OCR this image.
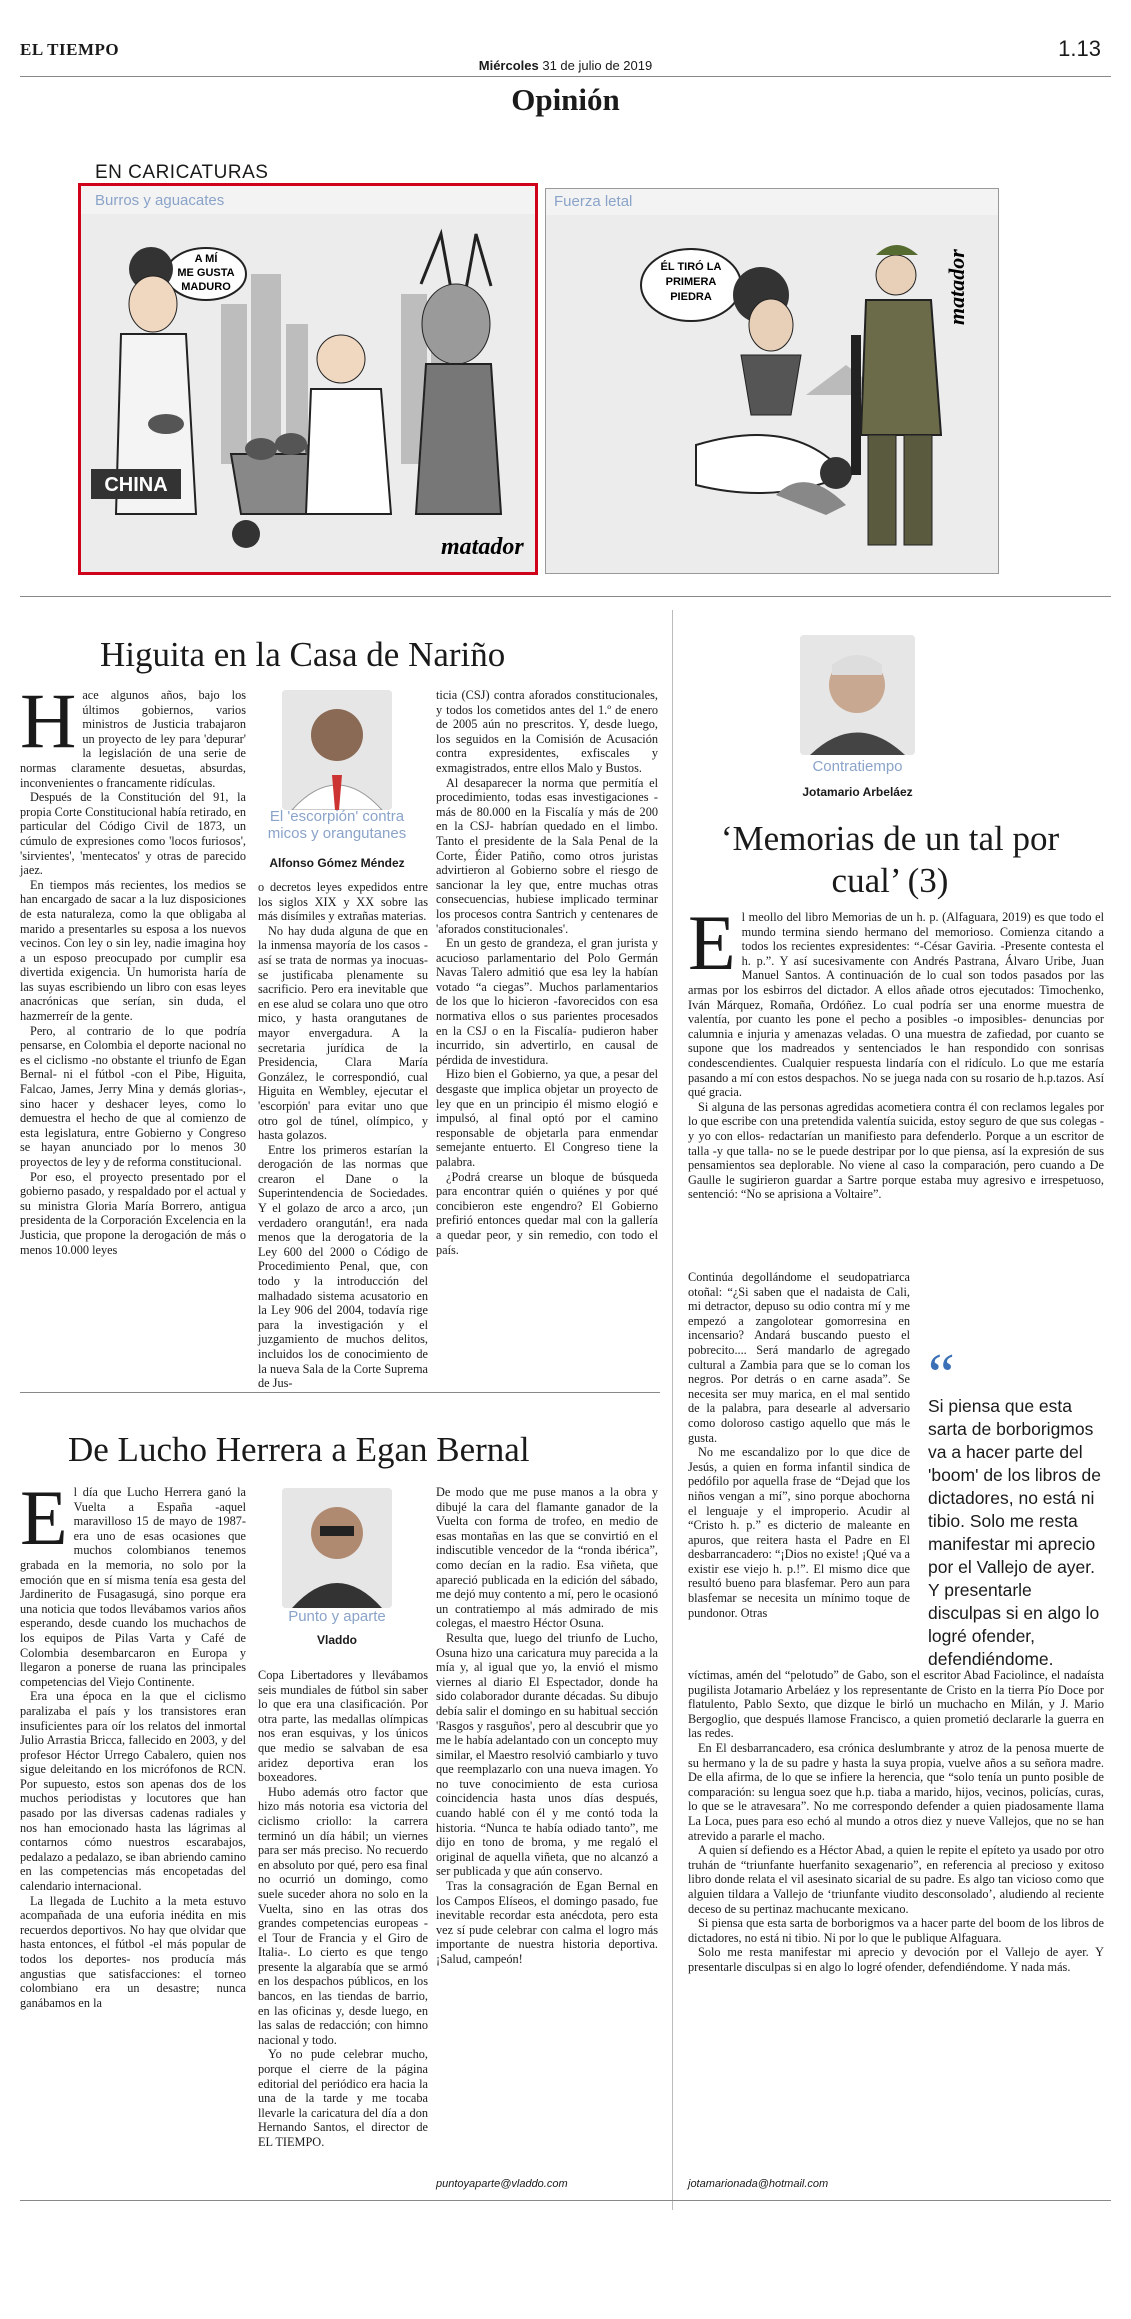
EL TIEMPO	1.13
Miércoles 31 de julio de 2019
Opinión
EN CARICATURAS
Burros y aguacates
A MÍ
ME GUSTA
MADURO
CHINA
matador
Fuerza letal
ÉL TIRÓ LA
PRIMERA
PIEDRA	matador
Higuita en la Casa de Nariño
H ace algunos años, bajo los últimos gobiernos, varios ministros de Justicia trabajaron un proyecto de ley para 'depurar' la legislación de una serie de normas claramente desuetas, absurdas, inconvenientes o francamente ridículas.

Después de la Constitución del 91, la propia Corte Constitucional había retirado, en particular del Código Civil de 1873, un cúmulo de expresiones como 'locos furiosos', 'sirvientes', 'mentecatos' y otras de parecido jaez.

En tiempos más recientes, los medios se han encargado de sacar a la luz disposiciones de esta naturaleza, como la que obligaba al marido a presentarles su esposa a los nuevos vecinos. Con ley o sin ley, nadie imagina hoy a un esposo preocupado por cumplir esa divertida exigencia. Un humorista haría de las suyas escribiendo un libro con esas leyes anacrónicas que serían, sin duda, el hazmerreír de la gente.

Pero, al contrario de lo que podría pensarse, en Colombia el deporte nacional no es el ciclismo -no obstante el triunfo de Egan Bernal- ni el fútbol -con el Pibe, Higuita, Falcao, James, Jerry Mina y demás glorias-, sino hacer y deshacer leyes, como lo demuestra el hecho de que al comienzo de esta legislatura, entre Gobierno y Congreso se hayan anunciado por lo menos 30 proyectos de ley y de reforma constitucional.

Por eso, el proyecto presentado por el gobierno pasado, y respaldado por el actual y su ministra Gloria María Borrero, antigua presidenta de la Corporación Excelencia en la Justicia, que propone la derogación de más o menos 10.000 leyes

El 'escorpión' contra micos y orangutanes
Alfonso Gómez Méndez

o decretos leyes expedidos entre los siglos XIX y XX sobre las más disímiles y extrañas materias.

No hay duda alguna de que en la inmensa mayoría de los casos -así se trata de normas ya inocuas- se justificaba plenamente su sacrificio. Pero era inevitable que en ese alud se colara uno que otro mico, y hasta orangutanes de mayor envergadura. A la secretaria jurídica de la Presidencia, Clara María González, le correspondió, cual Higuita en Wembley, ejecutar el 'escorpión' para evitar uno que otro gol de túnel, olímpico, y hasta golazos.

Entre los primeros estarían la derogación de las normas que crearon el Dane o la Superintendencia de Sociedades. Y el golazo de arco a arco, ¡un verdadero orangután!, era nada menos que la derogatoria de la Ley 600 del 2000 o Código de Procedimiento Penal, que, con todo y la introducción del malhadado sistema acusatorio en la Ley 906 del 2004, todavía rige para la investigación y el juzgamiento de muchos delitos, incluidos los de conocimiento de la nueva Sala de la Corte Suprema de Jus-

ticia (CSJ) contra aforados constitucionales, y todos los cometidos antes del 1.º de enero de 2005 aún no prescritos. Y, desde luego, los seguidos en la Comisión de Acusación contra expresidentes, exfiscales y exmagistrados, entre ellos Malo y Bustos.

Al desaparecer la norma que permitía el procedimiento, todas esas investigaciones -más de 80.000 en la Fiscalía y más de 200 en la CSJ- habrían quedado en el limbo. Tanto el presidente de la Sala Penal de la Corte, Éider Patiño, como otros juristas advirtieron al Gobierno sobre el riesgo de sancionar la ley que, entre muchas otras consecuencias, hubiese implicado terminar los procesos contra Santrich y centenares de 'aforados constitucionales'.

En un gesto de grandeza, el gran jurista y acucioso parlamentario del Polo Germán Navas Talero admitió que esa ley la habían votado “a ciegas”. Muchos parlamentarios de los que lo hicieron -favorecidos con esa normativa ellos o sus parientes procesados en la CSJ o en la Fiscalía- pudieron haber incurrido, sin advertirlo, en causal de pérdida de investidura.

Hizo bien el Gobierno, ya que, a pesar del desgaste que implica objetar un proyecto de ley que en un principio él mismo elogió e impulsó, al final optó por el camino responsable de objetarla para enmendar semejante entuerto. El Congreso tiene la palabra.

¿Podrá crearse un bloque de búsqueda para encontrar quién o quiénes y por qué concibieron este engendro? El Gobierno prefirió entonces quedar mal con la gallería a quedar peor, y sin remedio, con todo el país.

De Lucho Herrera a Egan Bernal
E l día que Lucho Herrera ganó la Vuelta a España -aquel maravilloso 15 de mayo de 1987- era uno de esas ocasiones que muchos colombianos tenemos grabada en la memoria, no solo por la emoción que en sí misma tenía esa gesta del Jardinerito de Fusagasugá, sino porque era una noticia que todos llevábamos varios años esperando, desde cuando los muchachos de los equipos de Pilas Varta y Café de Colombia desembarcaron en Europa y llegaron a ponerse de ruana las principales competencias del Viejo Continente.

Era una época en la que el ciclismo paralizaba el país y los transistores eran insuficientes para oír los relatos del inmortal Julio Arrastia Bricca, fallecido en 2003, y del profesor Héctor Urrego Cabalero, quien nos sigue deleitando en los micrófonos de RCN. Por supuesto, estos son apenas dos de los muchos periodistas y locutores que han pasado por las diversas cadenas radiales y nos han emocionado hasta las lágrimas al contarnos cómo nuestros escarabajos, pedalazo a pedalazo, se iban abriendo camino en las competencias más encopetadas del calendario internacional.

La llegada de Luchito a la meta estuvo acompañada de una euforia inédita en mis recuerdos deportivos. No hay que olvidar que hasta entonces, el fútbol -el más popular de todos los deportes- nos producía más angustias que satisfacciones: el torneo colombiano era un desastre; nunca ganábamos en la

Punto y aparte
Vladdo

Copa Libertadores y llevábamos seis mundiales de fútbol sin saber lo que era una clasificación. Por otra parte, las medallas olímpicas nos eran esquivas, y los únicos que medio se salvaban de esa aridez deportiva eran los boxeadores.

Hubo además otro factor que hizo más notoria esa victoria del ciclismo criollo: la carrera terminó un día hábil; un viernes para ser más preciso. No recuerdo en absoluto por qué, pero esa final no ocurrió un domingo, como suele suceder ahora no solo en la Vuelta, sino en las otras dos grandes competencias europeas -el Tour de Francia y el Giro de Italia-. Lo cierto es que tengo presente la algarabía que se armó en los despachos públicos, en los bancos, en las tiendas de barrio, en las oficinas y, desde luego, en las salas de redacción; con himno nacional y todo.

Yo no pude celebrar mucho, porque el cierre de la página editorial del periódico era hacia la una de la tarde y me tocaba llevarle la caricatura del día a don Hernando Santos, el director de EL TIEMPO.

De modo que me puse manos a la obra y dibujé la cara del flamante ganador de la Vuelta con forma de trofeo, en medio de esas montañas en las que se convirtió en el indiscutible vencedor de la “ronda ibérica”, como decían en la radio. Esa viñeta, que apareció publicada en la edición del sábado, me dejó muy contento a mí, pero le ocasionó un contratiempo al más admirado de mis colegas, el maestro Héctor Osuna.

Resulta que, luego del triunfo de Lucho, Osuna hizo una caricatura muy parecida a la mía y, al igual que yo, la envió el mismo viernes al diario El Espectador, donde ha sido colaborador durante décadas. Su dibujo debía salir el domingo en su habitual sección 'Rasgos y rasguños', pero al descubrir que yo me le había adelantado con un concepto muy similar, el Maestro resolvió cambiarlo y tuvo que reemplazarlo con una nueva imagen. Yo no tuve conocimiento de esta curiosa coincidencia hasta unos días después, cuando hablé con él y me contó toda la historia. “Nunca te había odiado tanto”, me dijo en tono de broma, y me regaló el original de aquella viñeta, que no alcanzó a ser publicada y que aún conservo.

Tras la consagración de Egan Bernal en los Campos Elíseos, el domingo pasado, fue inevitable recordar esta anécdota, pero esta vez sí pude celebrar con calma el logro más importante de nuestra historia deportiva. ¡Salud, campeón!

puntoyaparte@vladdo.com
Contratiempo
Jotamario Arbeláez
‘Memorias de un tal por cual’ (3)
E l meollo del libro Memorias de un h. p. (Alfaguara, 2019) es que todo el mundo termina siendo hermano del memorioso. Comienza citando a todos los recientes expresidentes: “-César Gaviria. -Presente contesta el h. p.”. Y así sucesivamente con Andrés Pastrana, Álvaro Uribe, Juan Manuel Santos. A continuación de lo cual son todos pasados por las armas por los esbirros del dictador. A ellos añade otros ejecutados: Timochenko, Iván Márquez, Romaña, Ordóñez. Lo cual podría ser una enorme muestra de valentía, por cuanto les pone el pecho a posibles -o imposibles- denuncias por calumnia e injuria y amenazas veladas. O una muestra de zafiedad, por cuanto se supone que los madreados y sentenciados le han respondido con sonrisas condescendientes. Cualquier respuesta lindaría con el ridículo. Lo que me estaría pasando a mí con estos despachos. No se juega nada con su rosario de h.p.tazos. Así qué gracia.

Si alguna de las personas agredidas acometiera contra él con reclamos legales por lo que escribe con una pretendida valentía suicida, estoy seguro de que sus colegas -y yo con ellos- redactarían un manifiesto para defenderlo. Porque a un escritor de talla -y que talla- no se le puede destripar por lo que piensa, así la expresión de sus pensamientos sea deplorable. No viene al caso la comparación, pero cuando a De Gaulle le sugirieron guardar a Sartre porque estaba muy agresivo e irrespetuoso, sentenció: “No se aprisiona a Voltaire”.

Continúa degollándome el seudopatriarca otoñal: “¿Si saben que el nadaista de Cali, mi detractor, depuso su odio contra mí y me empezó a zangolotear gomorresina en incensario? Andará buscando puesto el pobrecito.... Será mandarlo de agregado cultural a Zambia para que se lo coman los negros. Por detrás o en carne asada”. Se necesita ser muy marica, en el mal sentido de la palabra, para desearle al adversario como doloroso castigo aquello que más le gusta.

No me escandalizo por lo que dice de Jesús, a quien en forma infantil sindica de pedófilo por aquella frase de “Dejad que los niños vengan a mí”, sino porque abochorna el lenguaje y el improperio. Acudir al “Cristo h. p.” es dicterio de maleante en apuros, que reitera hasta el Padre en El desbarrancadero: “¡Dios no existe! ¡Qué va a existir ese viejo h. p.!”. El mismo dice que resultó bueno para blasfemar. Pero aun para blasfemar se necesita un mínimo toque de pundonor. Otras

“
Si piensa que esta sarta de borborigmos va a hacer parte del 'boom' de los libros de dictadores, no está ni tibio. Solo me resta manifestar mi aprecio por el Vallejo de ayer. Y presentarle disculpas si en algo lo logré ofender, defendiéndome.

víctimas, amén del “pelotudo” de Gabo, son el escritor Abad Faciolince, el nadaísta pugilista Jotamario Arbeláez y los representante de Cristo en la tierra Pío Doce por flatulento, Pablo Sexto, que dizque le birló un muchacho en Milán, y J. Mario Bergoglio, que después llamose Francisco, a quien prometió declararle la guerra en las redes.

En El desbarrancadero, esa crónica deslumbrante y atroz de la penosa muerte de su hermano y la de su padre y hasta la suya propia, vuelve años a su señora madre. De ella afirma, de lo que se infiere la herencia, que “solo tenía un punto posible de comparación: su lengua soez que h.p. tiaba a marido, hijos, vecinos, policías, curas, lo que se le atravesara”. No me correspondo defender a quien piadosamente llama La Loca, pues para eso echó al mundo a otros diez y nueve Vallejos, que no se han atrevido a pararle el macho.

A quien sí defiendo es a Héctor Abad, a quien le repite el epíteto ya usado por otro truhán de “triunfante huerfanito sexagenario”, en referencia al precioso y exitoso libro donde relata el vil asesinato sicarial de su padre. Es algo tan vicioso como que alguien tildara a Vallejo de ‘triunfante viudito desconsolado’, aludiendo al reciente deceso de su pertinaz machucante mexicano.

Si piensa que esta sarta de borborigmos va a hacer parte del boom de los libros de dictadores, no está ni tibio. Ni por lo que le publique Alfaguara.

Solo me resta manifestar mi aprecio y devoción por el Vallejo de ayer. Y presentarle disculpas si en algo lo logré ofender, defendiéndome. Y nada más.

jotamarionada@hotmail.com
